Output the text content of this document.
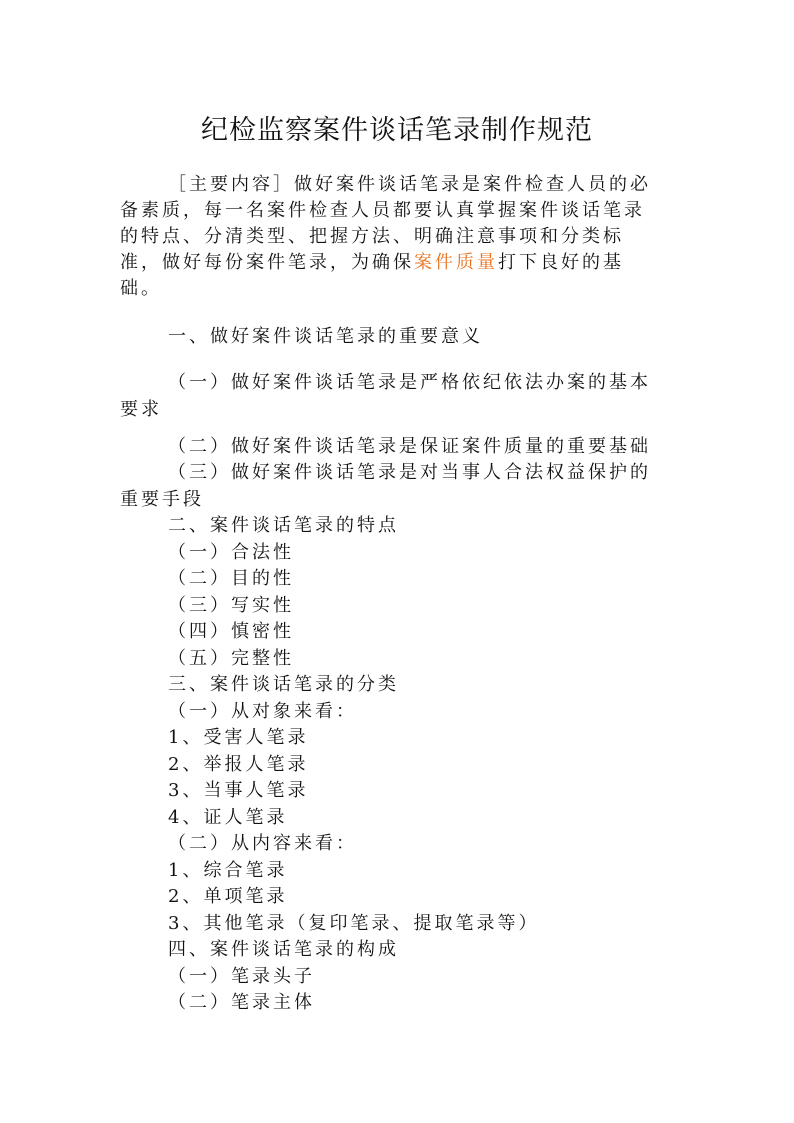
纪检监察案件谈话笔录制作规范
［主要内容］做好案件谈话笔录是案件检查人员的必
备素质，每一名案件检查人员都要认真掌握案件谈话笔录
的特点、分清类型、把握方法、明确注意事项和分类标
准，做好每份案件笔录，为确保案件质量打下良好的基
础。
一、做好案件谈话笔录的重要意义
（一）做好案件谈话笔录是严格依纪依法办案的基本
要求
（二）做好案件谈话笔录是保证案件质量的重要基础
（三）做好案件谈话笔录是对当事人合法权益保护的
重要手段
二、案件谈话笔录的特点
（一）合法性
（二）目的性
（三）写实性
（四）慎密性
（五）完整性
三、案件谈话笔录的分类
（一）从对象来看：
1、受害人笔录
2、举报人笔录
3、当事人笔录
4、证人笔录
（二）从内容来看：
1、综合笔录
2、单项笔录
3、其他笔录（复印笔录、提取笔录等）
四、案件谈话笔录的构成
（一）笔录头子
（二）笔录主体
